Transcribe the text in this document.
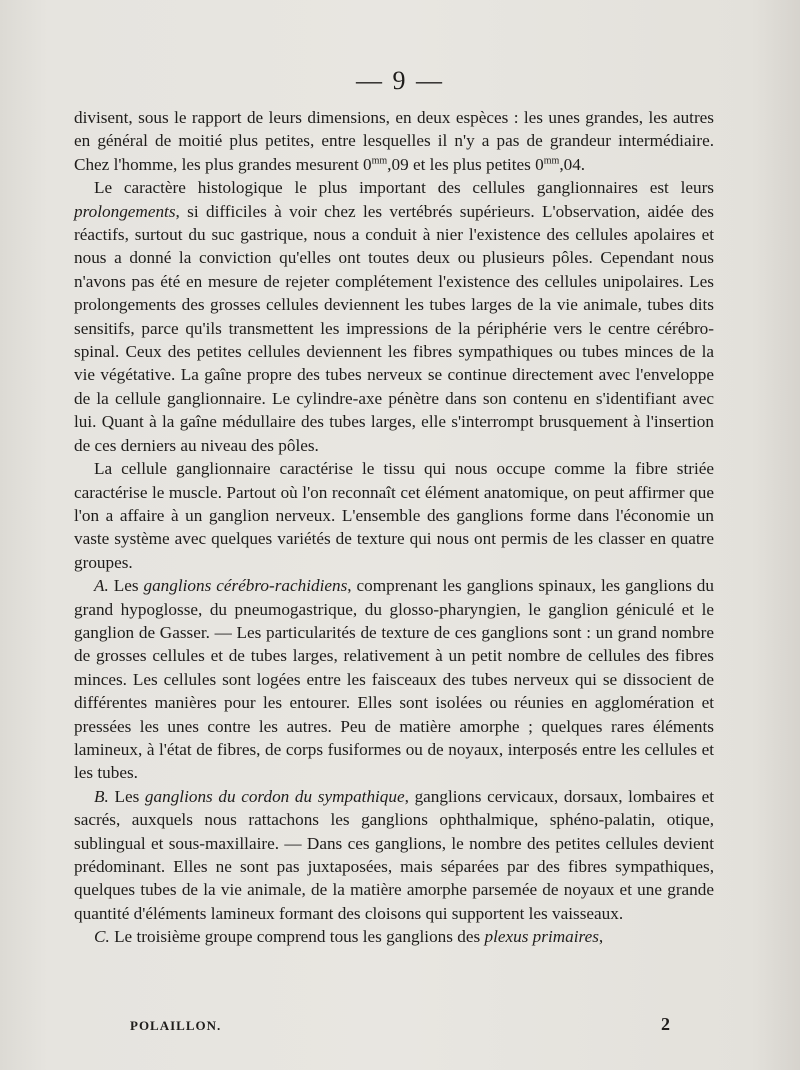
— 9 —

divisent, sous le rapport de leurs dimensions, en deux espèces : les unes grandes, les autres en général de moitié plus petites, entre lesquelles il n'y a pas de grandeur intermédiaire. Chez l'homme, les plus grandes mesurent $0^{mm},09$ et les plus petites $0^{mm},04$.

Le caractère histologique le plus important des cellules ganglionnaires est leurs prolongements, si difficiles à voir chez les vertébrés supérieurs. L'observation, aidée des réactifs, surtout du suc gastrique, nous a conduit à nier l'existence des cellules apolaires et nous a donné la conviction qu'elles ont toutes deux ou plusieurs pôles. Cependant nous n'avons pas été en mesure de rejeter complétement l'existence des cellules unipolaires. Les prolongements des grosses cellules deviennent les tubes larges de la vie animale, tubes dits sensitifs, parce qu'ils transmettent les impressions de la périphérie vers le centre cérébro-spinal. Ceux des petites cellules deviennent les fibres sympathiques ou tubes minces de la vie végétative. La gaîne propre des tubes nerveux se continue directement avec l'enveloppe de la cellule ganglionnaire. Le cylindre-axe pénètre dans son contenu en s'identifiant avec lui. Quant à la gaîne médullaire des tubes larges, elle s'interrompt brusquement à l'insertion de ces derniers au niveau des pôles.

La cellule ganglionnaire caractérise le tissu qui nous occupe comme la fibre striée caractérise le muscle. Partout où l'on reconnaît cet élément anatomique, on peut affirmer que l'on a affaire à un ganglion nerveux. L'ensemble des ganglions forme dans l'économie un vaste système avec quelques variétés de texture qui nous ont permis de les classer en quatre groupes.

A. Les ganglions cérébro-rachidiens, comprenant les ganglions spinaux, les ganglions du grand hypoglosse, du pneumogastrique, du glosso-pharyngien, le ganglion géniculé et le ganglion de Gasser. — Les particularités de texture de ces ganglions sont : un grand nombre de grosses cellules et de tubes larges, relativement à un petit nombre de cellules des fibres minces. Les cellules sont logées entre les faisceaux des tubes nerveux qui se dissocient de différentes manières pour les entourer. Elles sont isolées ou réunies en agglomération et pressées les unes contre les autres. Peu de matière amorphe ; quelques rares éléments lamineux, à l'état de fibres, de corps fusiformes ou de noyaux, interposés entre les cellules et les tubes.

B. Les ganglions du cordon du sympathique, ganglions cervicaux, dorsaux, lombaires et sacrés, auxquels nous rattachons les ganglions ophthalmique, sphéno-palatin, otique, sublingual et sous-maxillaire. — Dans ces ganglions, le nombre des petites cellules devient prédominant. Elles ne sont pas juxtaposées, mais séparées par des fibres sympathiques, quelques tubes de la vie animale, de la matière amorphe parsemée de noyaux et une grande quantité d'éléments lamineux formant des cloisons qui supportent les vaisseaux.

C. Le troisième groupe comprend tous les ganglions des plexus primaires,

POLAILLON.	2
